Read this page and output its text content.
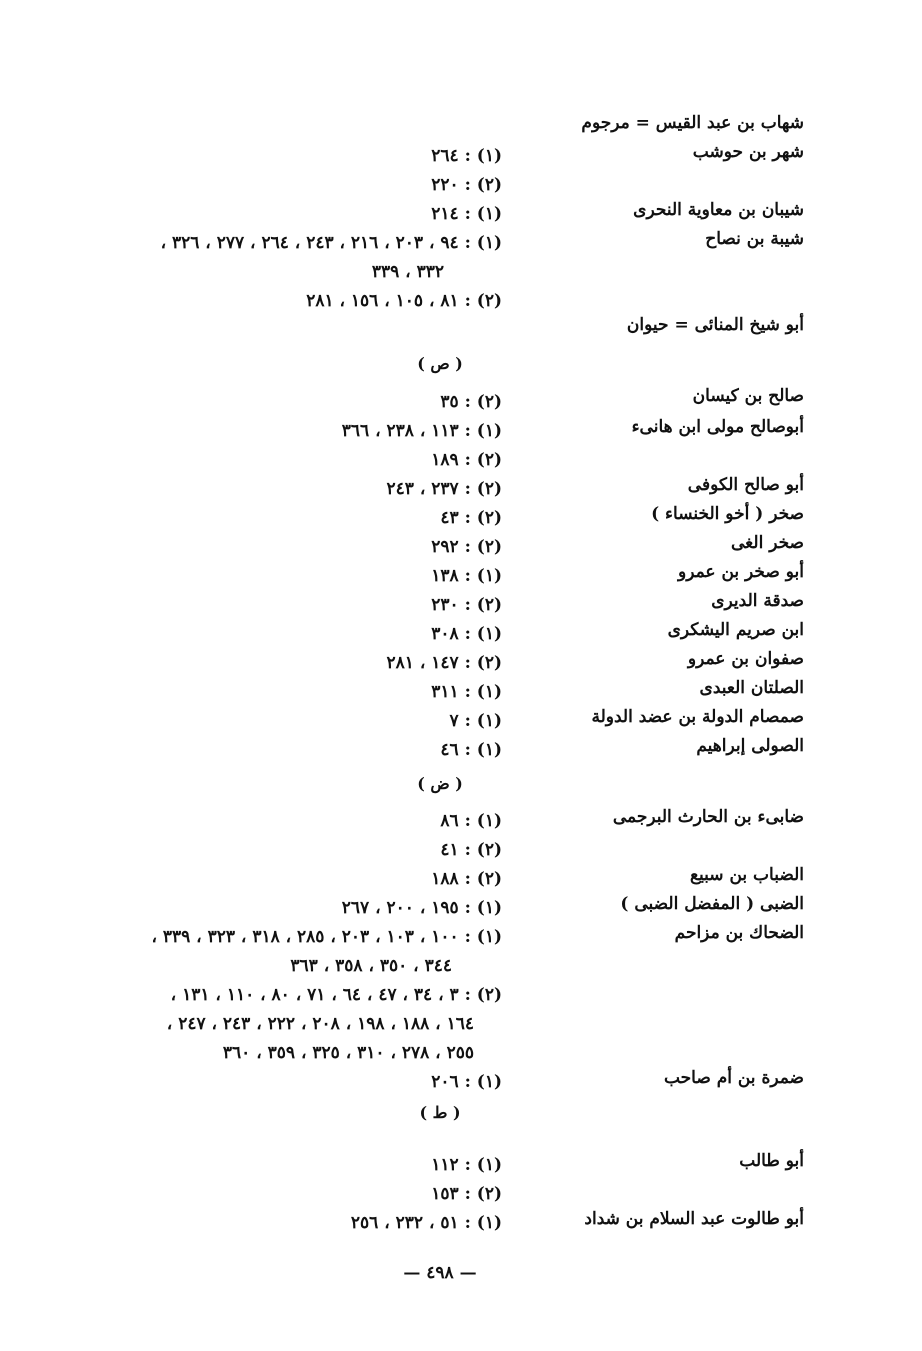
شهاب بن عبد القيس = مرجوم
شهر بن حوشب
(١) : ٢٦٤
(٢) : ٢٢٠
شيبان بن معاوية النحرى
(١) : ٢١٤
شيبة بن نصاح
(١) : ٩٤ ، ٢٠٣ ، ٢١٦ ، ٢٤٣ ، ٢٦٤ ، ٢٧٧ ، ٣٢٦ ،
٣٣٢ ، ٣٣٩
(٢) : ٨١ ، ١٠٥ ، ١٥٦ ، ٢٨١
أبو شيخ المنائى = حيوان
( ص )
صالح بن كيسان
(٢) : ٣٥
أبوصالح مولى ابن هانىء
(١) : ١١٣ ، ٢٣٨ ، ٣٦٦
(٢) : ١٨٩
أبو صالح الكوفى
(٢) : ٢٣٧ ، ٢٤٣
صخر ( أخو الخنساء )
(٢) : ٤٣
صخر الغى
(٢) : ٢٩٢
أبو صخر بن عمرو
(١) : ١٣٨
صدقة الديرى
(٢) : ٢٣٠
ابن صريم اليشكرى
(١) : ٣٠٨
صفوان بن عمرو
(٢) : ١٤٧ ، ٢٨١
الصلتان العبدى
(١) : ٣١١
صمصام الدولة بن عضد الدولة
(١) : ٧
الصولى إبراهيم
(١) : ٤٦
( ض )
ضابىء بن الحارث البرجمى
(١) : ٨٦
(٢) : ٤١
الضباب بن سبيع
(٢) : ١٨٨
الضبى ( المفضل الضبى )
(١) : ١٩٥ ، ٢٠٠ ، ٢٦٧
الضحاك بن مزاحم
(١) : ١٠٠ ، ١٠٣ ، ٢٠٣ ، ٢٨٥ ، ٣١٨ ، ٣٢٣ ، ٣٣٩ ،
٣٤٤ ، ٣٥٠ ، ٣٥٨ ، ٣٦٣
(٢) : ٣ ، ٣٤ ، ٤٧ ، ٦٤ ، ٧١ ، ٨٠ ، ١١٠ ، ١٣١ ،
١٦٤ ، ١٨٨ ، ١٩٨ ، ٢٠٨ ، ٢٢٢ ، ٢٤٣ ، ٢٤٧ ،
٢٥٥ ، ٢٧٨ ، ٣١٠ ، ٣٢٥ ، ٣٥٩ ، ٣٦٠
ضمرة بن أم صاحب
(١) : ٢٠٦
( ط )
أبو طالب
(١) : ١١٢
(٢) : ١٥٣
أبو طالوت عبد السلام بن شداد
(١) : ٥١ ، ٢٣٢ ، ٢٥٦
— ٤٩٨ —
